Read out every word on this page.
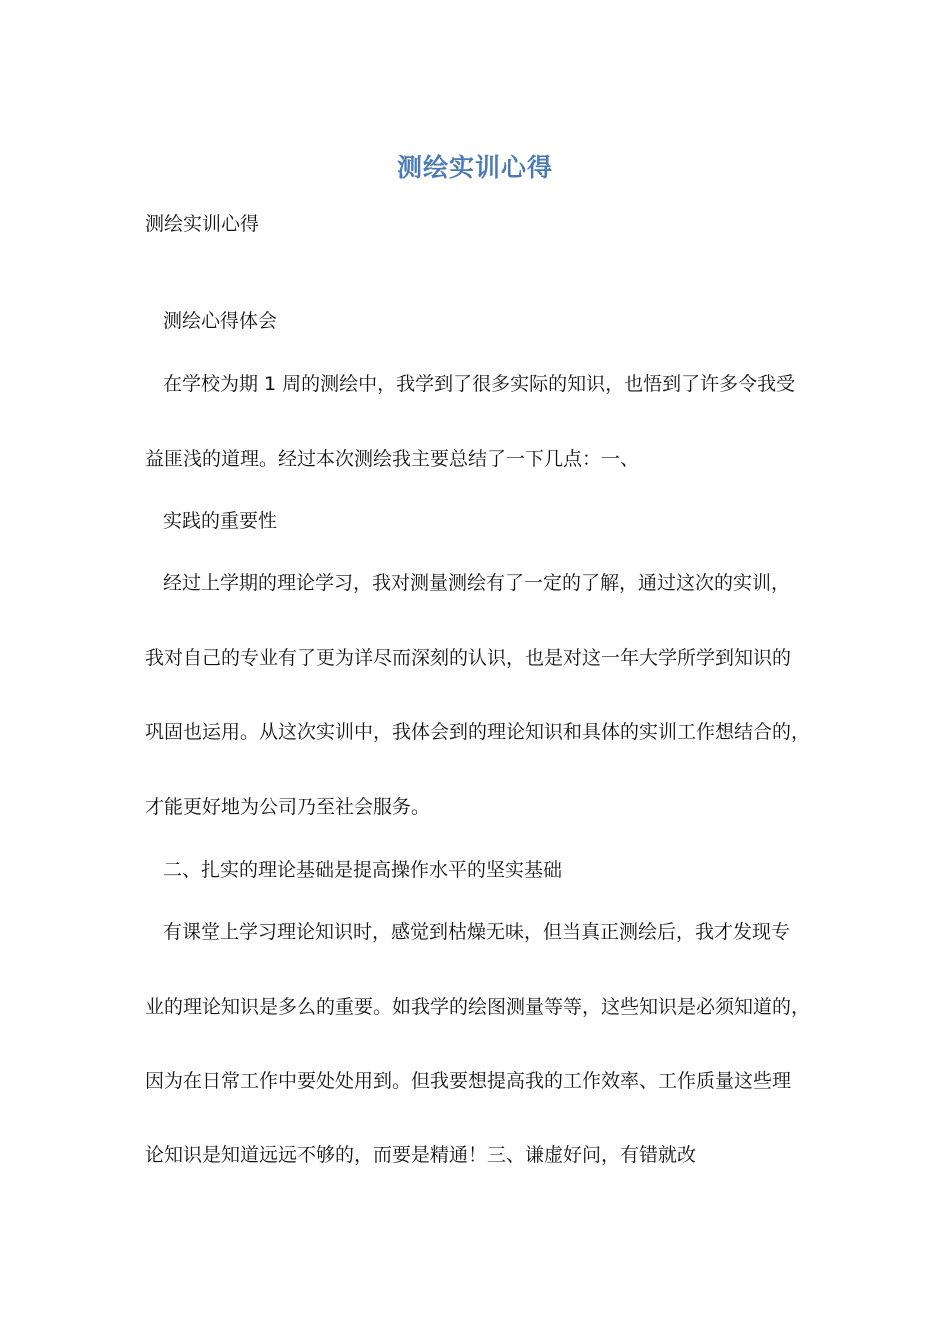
测绘实训心得
测绘实训心得
测绘心得体会
在学校为期 1 周的测绘中，我学到了很多实际的知识，也悟到了许多令我受
益匪浅的道理。经过本次测绘我主要总结了一下几点：一、
实践的重要性
经过上学期的理论学习，我对测量测绘有了一定的了解，通过这次的实训，
我对自己的专业有了更为详尽而深刻的认识，也是对这一年大学所学到知识的
巩固也运用。从这次实训中，我体会到的理论知识和具体的实训工作想结合的，
才能更好地为公司乃至社会服务。
二、扎实的理论基础是提高操作水平的坚实基础
有课堂上学习理论知识时，感觉到枯燥无味，但当真正测绘后，我才发现专
业的理论知识是多么的重要。如我学的绘图测量等等，这些知识是必须知道的，
因为在日常工作中要处处用到。但我要想提高我的工作效率、工作质量这些理
论知识是知道远远不够的，而要是精通！三、谦虚好问，有错就改
